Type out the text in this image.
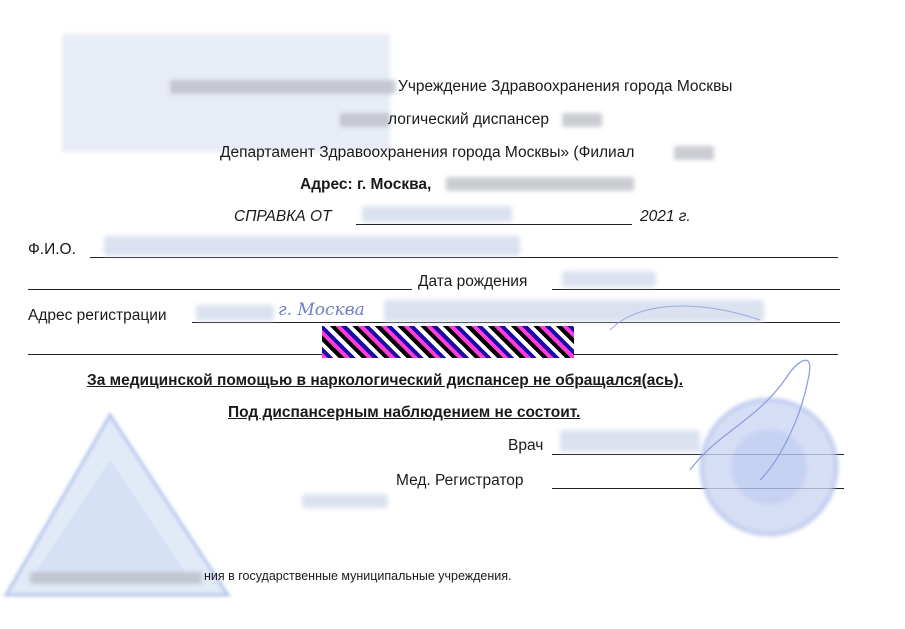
Учреждение Здравоохранения города Москвы
логический диспансер
Департамент Здравоохранения города Москвы» (Филиал
Адрес: г. Москва,
СПРАВКА ОТ	2021 г.
Ф.И.О.
Дата рождения
Адрес регистрации	г. Москва
За медицинской помощью в наркологический диспансер не обращался(ась).
Под диспансерным наблюдением не состоит.
Врач
Мед. Регистратор
ния в государственные муниципальные учреждения.
